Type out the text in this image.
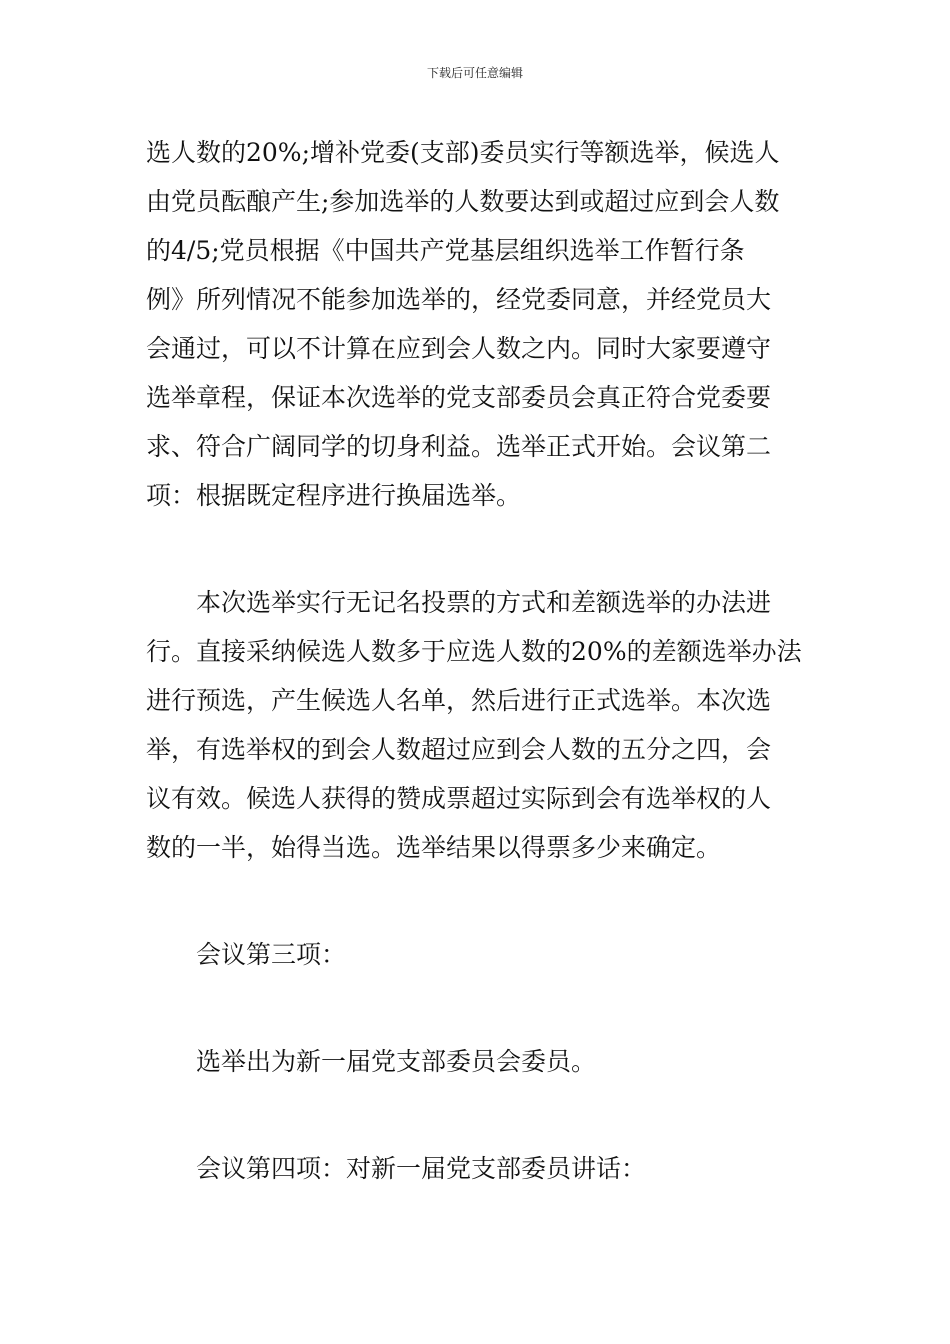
下载后可任意编辑
选人数的20%;增补党委(支部)委员实行等额选举，候选人
由党员酝酿产生;参加选举的人数要达到或超过应到会人数
的4/5;党员根据《中国共产党基层组织选举工作暂行条
例》所列情况不能参加选举的，经党委同意，并经党员大
会通过，可以不计算在应到会人数之内。同时大家要遵守
选举章程，保证本次选举的党支部委员会真正符合党委要
求、符合广阔同学的切身利益。选举正式开始。会议第二
项：根据既定程序进行换届选举。
本次选举实行无记名投票的方式和差额选举的办法进
行。直接采纳候选人数多于应选人数的20%的差额选举办法
进行预选，产生候选人名单，然后进行正式选举。本次选
举，有选举权的到会人数超过应到会人数的五分之四，会
议有效。候选人获得的赞成票超过实际到会有选举权的人
数的一半，始得当选。选举结果以得票多少来确定。
会议第三项：
选举出为新一届党支部委员会委员。
会议第四项：对新一届党支部委员讲话：
